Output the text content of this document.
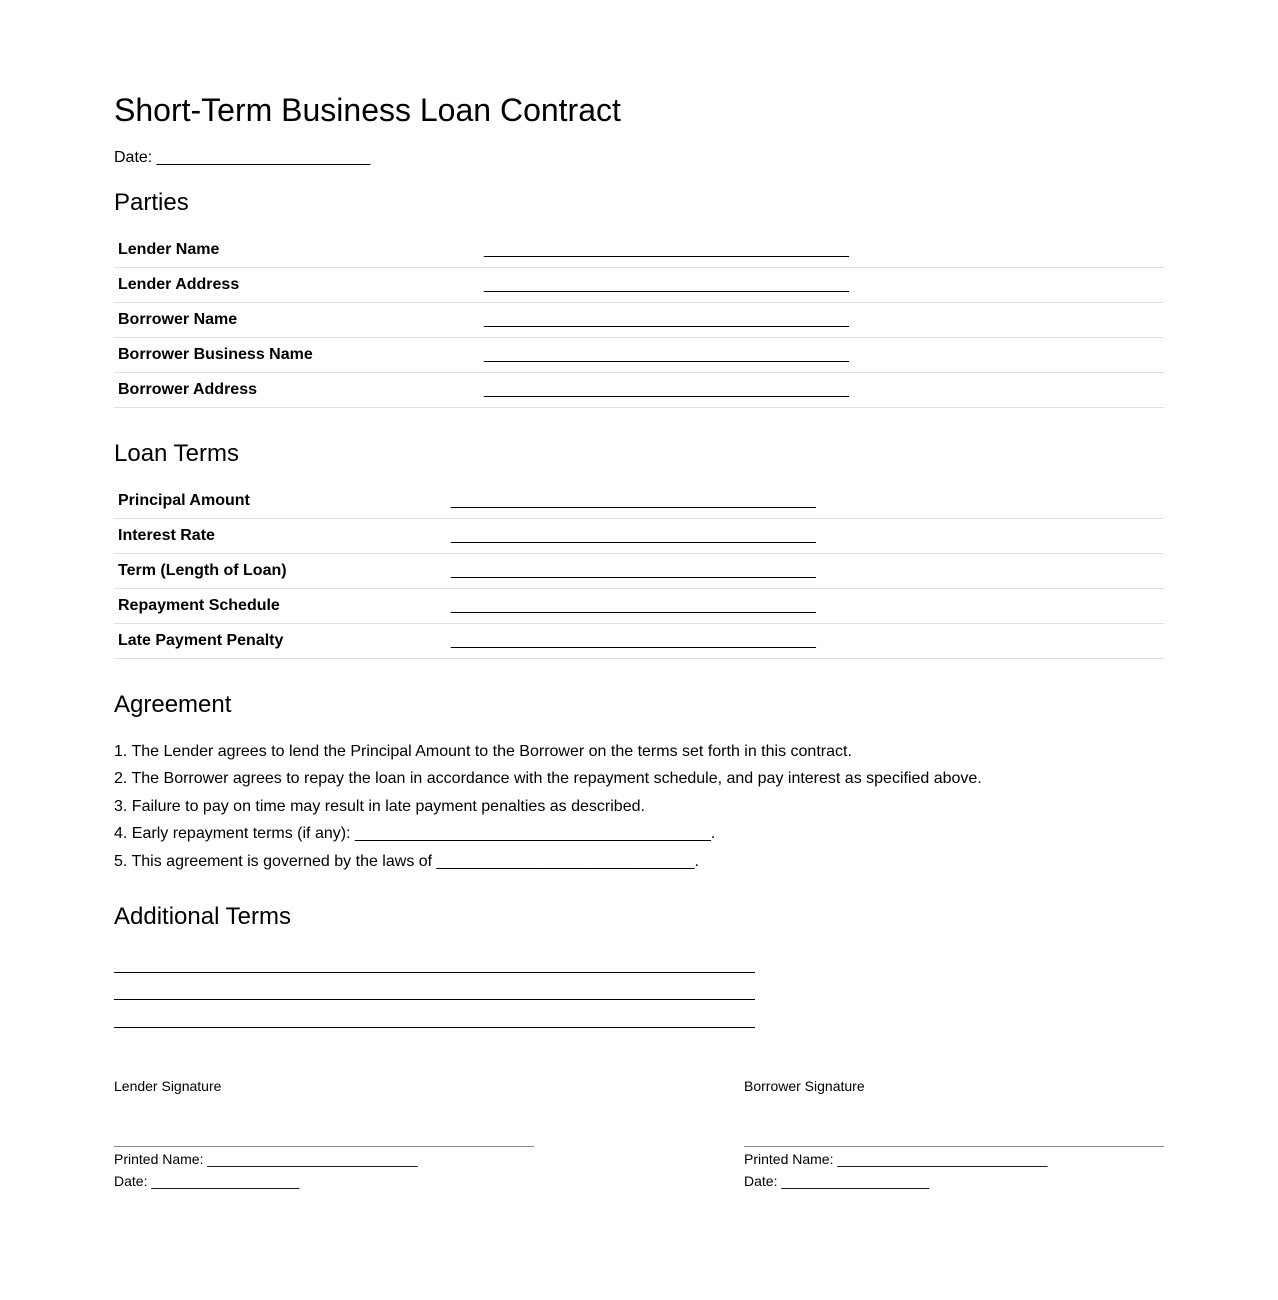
Short-Term Business Loan Contract
Date: ________________________
Parties
Lender Name	_________________________________________
Lender Address	_________________________________________
Borrower Name	_________________________________________
Borrower Business Name	_________________________________________
Borrower Address	_________________________________________
Loan Terms
Principal Amount	_________________________________________
Interest Rate	_________________________________________
Term (Length of Loan)	_________________________________________
Repayment Schedule	_________________________________________
Late Payment Penalty	_________________________________________
Agreement
1. The Lender agrees to lend the Principal Amount to the Borrower on the terms set forth in this contract.
2. The Borrower agrees to repay the loan in accordance with the repayment schedule, and pay interest as specified above.
3. Failure to pay on time may result in late payment penalties as described.
4. Early repayment terms (if any): ________________________________________.
5. This agreement is governed by the laws of _____________________________.
Additional Terms
Lender Signature
Printed Name: ___________________________
Date: ___________________
Borrower Signature
Printed Name: ___________________________
Date: ___________________
